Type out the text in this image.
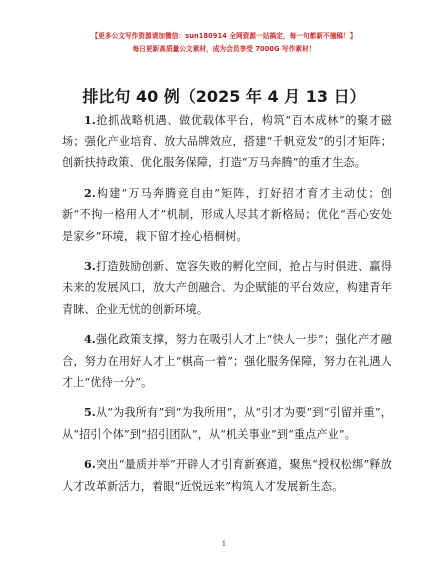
【更多公文写作资源请加微信：sun180914 全网资源一站搞定，每一句都新不撞稿！】
每日更新高质量公文素材，成为会员享受 7000G 写作素材！
排比句 40 例（2025 年 4 月 13 日）

1.抢抓战略机遇、做优载体平台，构筑“百木成林”的聚才磁场；强化产业培育、放大品牌效应，搭建“千帆竞发”的引才矩阵；创新扶持政策、优化服务保障，打造“万马奔腾”的重才生态。

2.构建“万马奔腾竞自由”矩阵，打好招才育才主动仗；创新“不拘一格用人才”机制，形成人尽其才新格局；优化“吾心安处是家乡”环境，栽下留才拴心梧桐树。

3.打造鼓励创新、宽容失败的孵化空间，抢占与时俱进、赢得未来的发展风口，放大产创融合、为企赋能的平台效应，构建青年青睐、企业无忧的创新环境。

4.强化政策支撑，努力在吸引人才上“快人一步”；强化产才融合，努力在用好人才上“棋高一着”；强化服务保障，努力在礼遇人才上“优待一分”。

5.从“为我所有”到“为我所用”，从“引才为要”到“引留并重”，从“招引个体”到“招引团队”，从“机关事业”到“重点产业”。

6.突出“量质并举”开辟人才引育新赛道，聚焦“授权松绑”释放人才改革新活力，着眼“近悦远来”构筑人才发展新生态。

1
